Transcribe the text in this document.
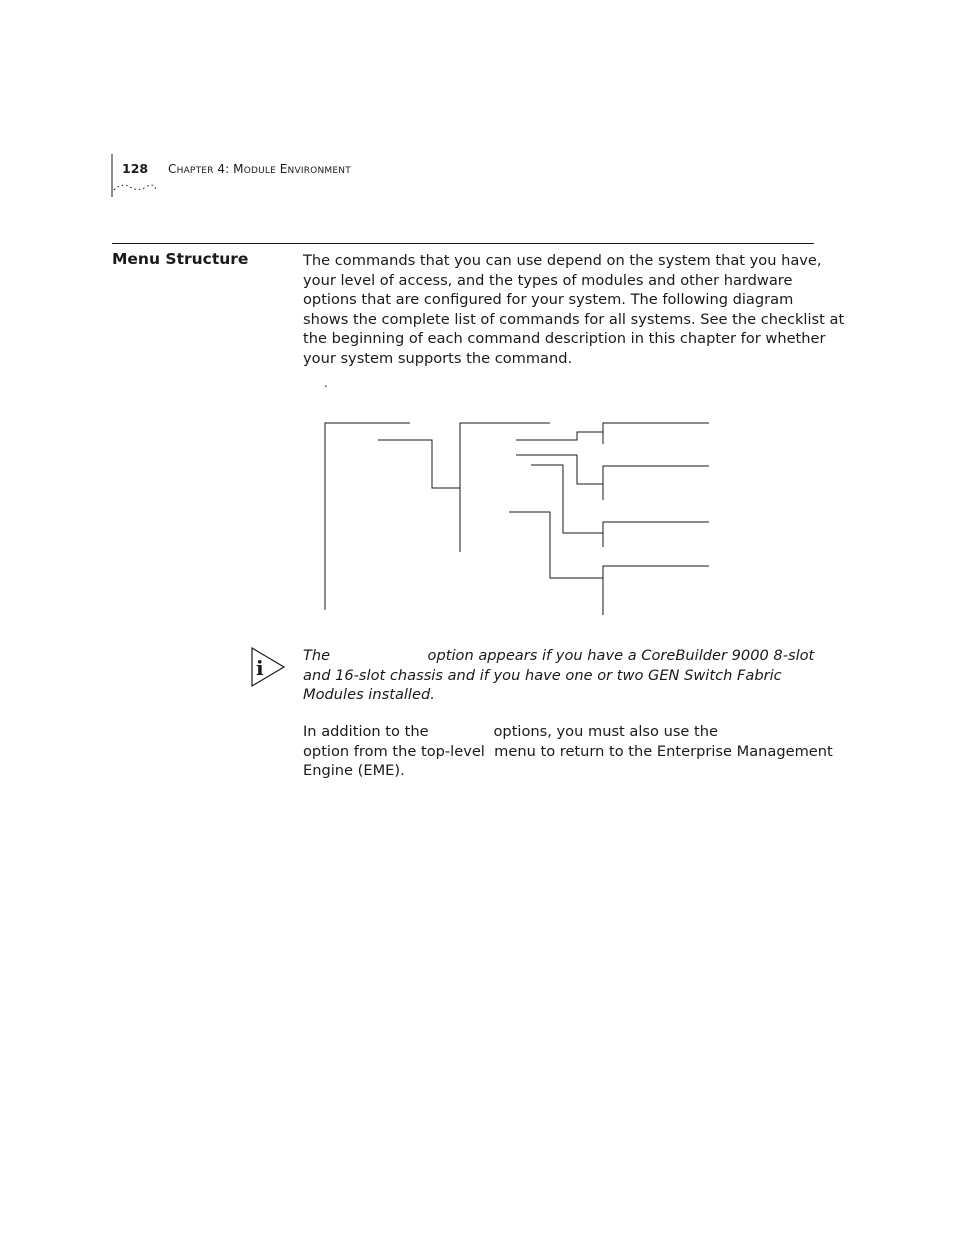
128 CHAPTER 4: MODULE ENVIRONMENT
Menu Structure	The commands that you can use depend on the system that you have,
your level of access, and the types of modules and other hardware
options that are configured for your system. The following diagram
shows the complete list of commands for all systems. See the checklist at
the beginning of each command description in this chapter for whether
your system supports the command.
.
i
The                     option appears if you have a CoreBuilder 9000 8-slot
and 16-slot chassis and if you have one or two GEN Switch Fabric
Modules installed.
In addition to the              options, you must also use the
option from the top-level  menu to return to the Enterprise Management
Engine (EME).
